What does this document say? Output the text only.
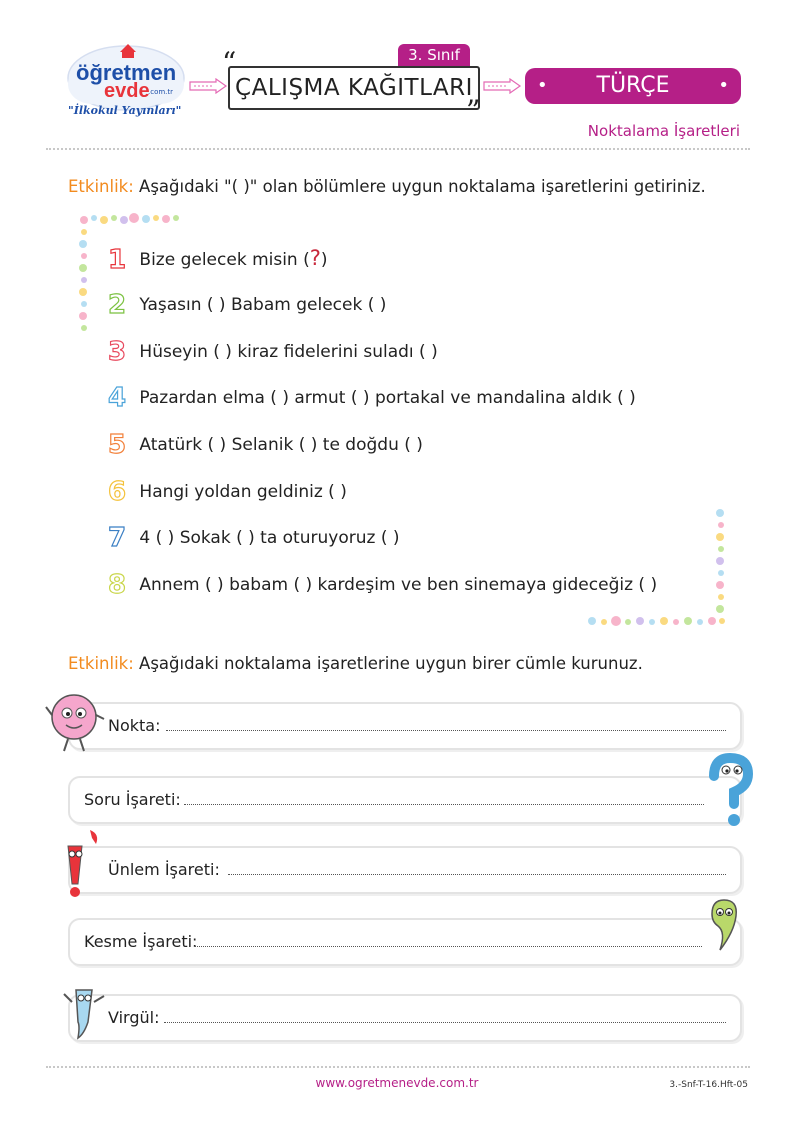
öğretmen
evde
.com.tr
"İlkokul Yayınları"
3. Sınıf
“
ÇALIŞMA KAĞITLARI
”
• TÜRÇE	•
Noktalama İşaretleri
Etkinlik: Aşağıdaki "( )" olan bölümlere uygun noktalama işaretlerini getiriniz.
1 Bize gelecek misin (?)
2 Yaşasın ( ) Babam gelecek ( )
3 Hüseyin ( ) kiraz fidelerini suladı ( )
4 Pazardan elma ( ) armut ( ) portakal ve mandalina aldık ( )
5 Atatürk ( ) Selanik ( ) te doğdu ( )
6 Hangi yoldan geldiniz ( )
7 4 ( ) Sokak ( ) ta oturuyoruz ( )
8 Annem ( ) babam ( ) kardeşim ve ben sinemaya gideceğiz ( )
Etkinlik: Aşağıdaki noktalama işaretlerine uygun birer cümle kurunuz.
Nokta:
Soru İşareti:
Ünlem İşareti:
Kesme İşareti:
Virgül:
www.ogretmenevde.com.tr	3.-Snf-T-16.Hft-05
